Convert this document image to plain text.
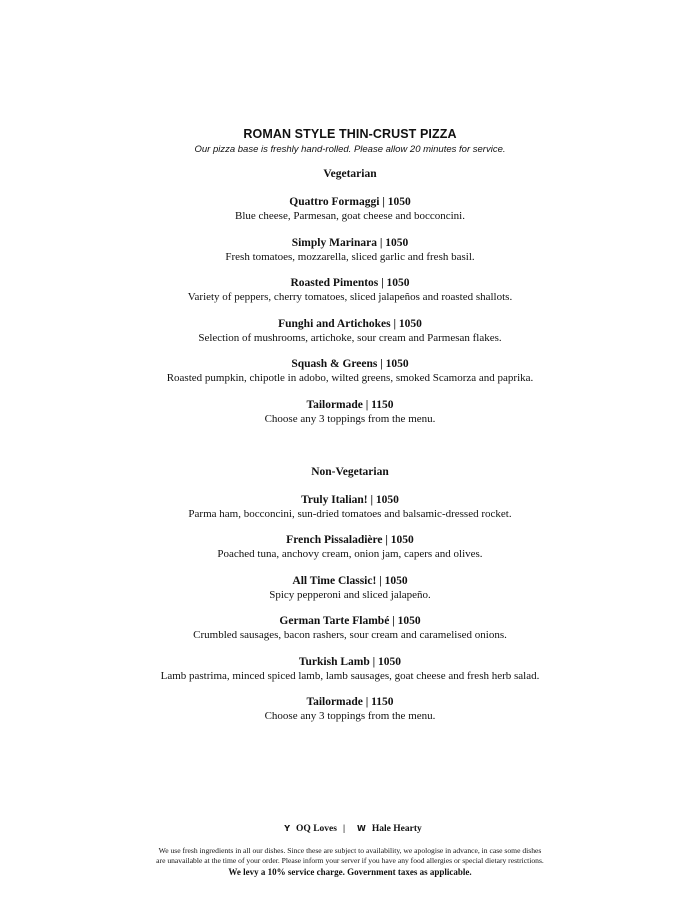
ROMAN STYLE THIN-CRUST PIZZA
Our pizza base is freshly hand-rolled. Please allow 20 minutes for service.
Vegetarian
Quattro Formaggi | 1050
Blue cheese, Parmesan, goat cheese and bocconcini.
Simply Marinara | 1050
Fresh tomatoes, mozzarella, sliced garlic and fresh basil.
Roasted Pimentos | 1050
Variety of peppers, cherry tomatoes, sliced jalapeños and roasted shallots.
Funghi and Artichokes | 1050
Selection of mushrooms, artichoke, sour cream and Parmesan flakes.
Squash & Greens | 1050
Roasted pumpkin, chipotle in adobo, wilted greens, smoked Scamorza and paprika.
Tailormade | 1150
Choose any 3 toppings from the menu.
Non-Vegetarian
Truly Italian! | 1050
Parma ham, bocconcini, sun-dried tomatoes and balsamic-dressed rocket.
French Pissaladière | 1050
Poached tuna, anchovy cream, onion jam, capers and olives.
All Time Classic! | 1050
Spicy pepperoni and sliced jalapeño.
German Tarte Flambé | 1050
Crumbled sausages, bacon rashers, sour cream and caramelised onions.
Turkish Lamb | 1050
Lamb pastrima, minced spiced lamb, lamb sausages, goat cheese and fresh herb salad.
Tailormade | 1150
Choose any 3 toppings from the menu.
Y OQ Loves | W Hale Hearty
We use fresh ingredients in all our dishes. Since these are subject to availability, we apologise in advance, in case some dishes
are unavailable at the time of your order. Please inform your server if you have any food allergies or special dietary restrictions.
We levy a 10% service charge. Government taxes as applicable.
